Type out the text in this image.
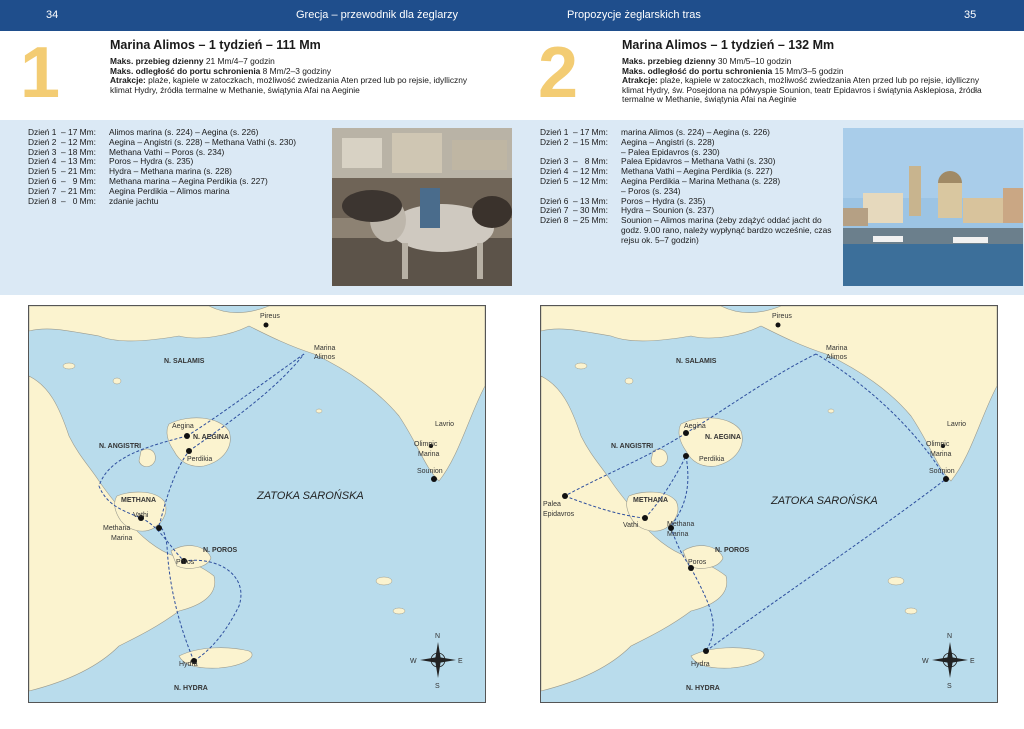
34	Grecja – przewodnik dla żeglarzy	Propozycje żeglarskich tras	35
1	Marina Alimos – 1 tydzień – 111 Mm
Maks. przebieg dzienny 21 Mm/4–7 godzin
Maks. odległość do portu schronienia 8 Mm/2–3 godziny
Atrakcje: plaże, kąpiele w zatoczkach, możliwość zwiedzania Aten przed lub po rejsie, idylliczny klimat Hydry, źródła termalne w Methanie, świątynia Afai na Aeginie
Dzień 1  – 17 Mm:	Alimos marina (s. 224) – Aegina (s. 226)
Dzień 2  – 12 Mm:	Aegina – Angistri (s. 228) – Methana Vathi (s. 230)
Dzień 3  – 18 Mm:	Methana Vathi – Poros (s. 234)
Dzień 4  – 13 Mm:	Poros – Hydra (s. 235)
Dzień 5  – 21 Mm:	Hydra – Methana marina (s. 228)
Dzień 6  –   9 Mm:	Methana marina – Aegina Perdikia (s. 227)
Dzień 7  – 21 Mm:	Aegina Perdikia – Alimos marina
Dzień 8  –   0 Mm:	zdanie jachtu
Pireus
N. SALAMIS
Marina
Alimos
Aegina
N. AEGINA
Perdikia
N. ANGISTRI
METHANA
Vathi
Methana
Marina
Poros
N. POROS
Hydra
N. HYDRA
Lavrio
Olimpic
Marina
Sounion
ZATOKA SAROŃSKA
N
S
E
W
2	Marina Alimos – 1 tydzień – 132 Mm
Maks. przebieg dzienny 30 Mm/5–10 godzin
Maks. odległość do portu schronienia 15 Mm/3–5 godzin
Atrakcje: plaże, kąpiele w zatoczkach, możliwość zwiedzania Aten przed lub po rejsie, idylliczny klimat Hydry, św. Posejdona na półwyspie Sounion, teatr Epidavros i świątynia Asklepiosa, źródła termalne w Methanie, świątynia Afai na Aeginie
Dzień 1  – 17 Mm:	marina Alimos (s. 224) – Aegina (s. 226)
Dzień 2  – 15 Mm:	Aegina – Angistri (s. 228)
– Palea Epidavros (s. 230)
Dzień 3  –   8 Mm:	Palea Epidavros – Methana Vathi (s. 230)
Dzień 4  – 12 Mm:	Methana Vathi – Aegina Perdikia (s. 227)
Dzień 5  – 12 Mm:	Aegina Perdikia – Marina Methana (s. 228)
– Poros (s. 234)
Dzień 6  – 13 Mm:	Poros – Hydra (s. 235)
Dzień 7  – 30 Mm:	Hydra – Sounion (s. 237)
Dzień 8  – 25 Mm:	Sounion – Alimos marina (żeby zdążyć oddać jacht do godz. 9.00 rano, należy wypłynąć bardzo wcześnie, czas rejsu ok. 5–7 godzin)
Pireus
N. SALAMIS
Marina
Alimos
Aegina
N. AEGINA
Perdikia
N. ANGISTRI
METHANA
Vathi	Methana
Marina
Poros
N. POROS
Hydra
N. HYDRA
Lavrio
Olimpic
Marina
Sounion
Palea
Epidavros
ZATOKA SAROŃSKA
N
S
E
W
